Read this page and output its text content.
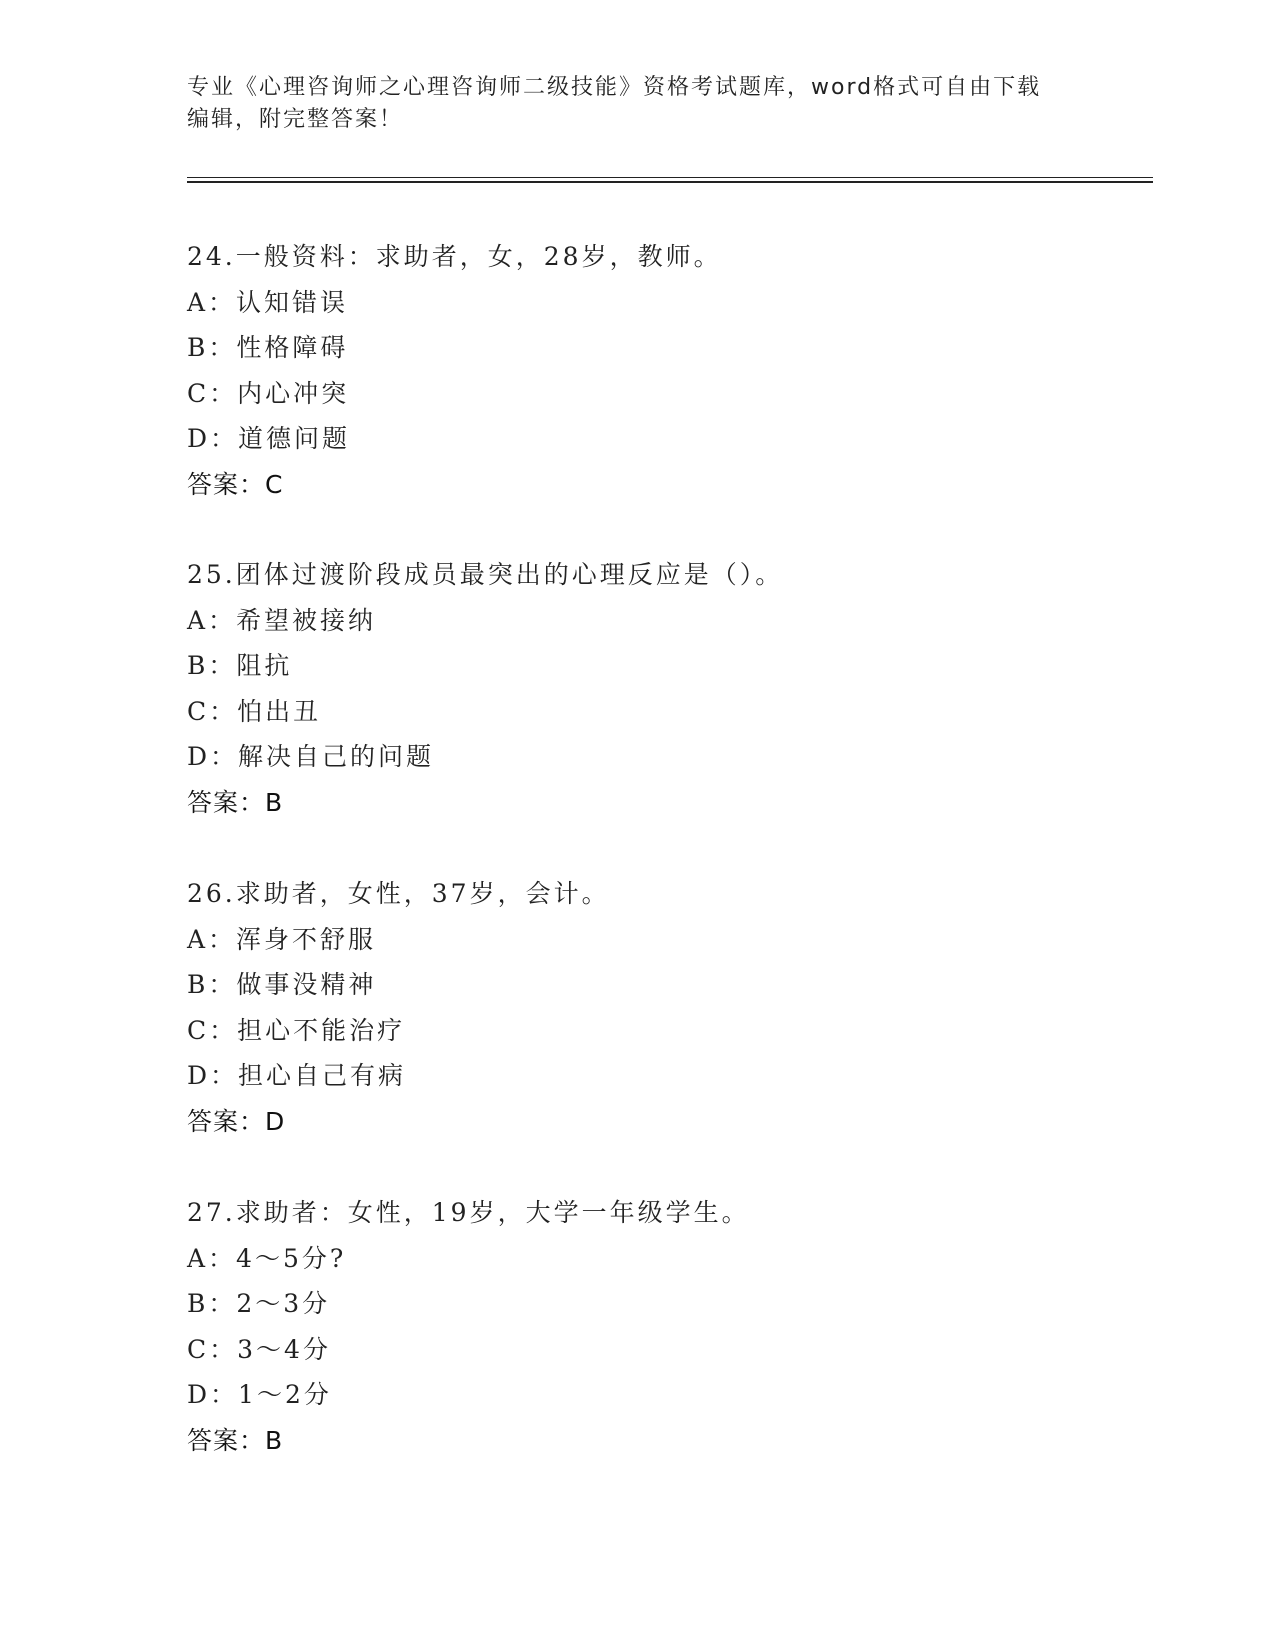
专业《心理咨询师之心理咨询师二级技能》资格考试题库，word格式可自由下载

编辑，附完整答案！

24.一般资料：求助者，女，28岁，教师。
A：认知错误
B：性格障碍
C：内心冲突
D：道德问题
答案：C
25.团体过渡阶段成员最突出的心理反应是（）。
A：希望被接纳
B：阻抗
C：怕出丑
D：解决自己的问题
答案：B
26.求助者，女性，37岁，会计。
A：浑身不舒服
B：做事没精神
C：担心不能治疗
D：担心自己有病
答案：D
27.求助者：女性，19岁，大学一年级学生。
A：4～5分?
B：2～3分
C：3～4分
D：1～2分
答案：B
